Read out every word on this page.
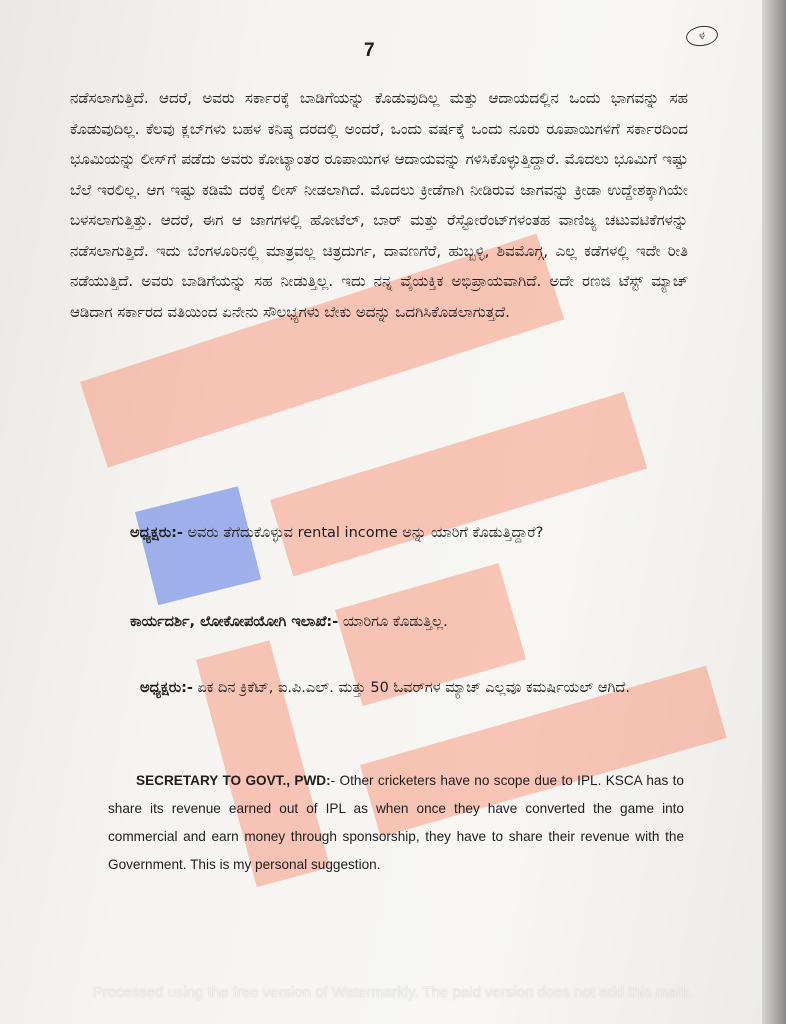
7
ಳ

ನಡೆಸಲಾಗುತ್ತಿದೆ. ಆದರೆ, ಅವರು ಸರ್ಕಾರಕ್ಕೆ ಬಾಡಿಗೆಯನ್ನು ಕೊಡುವುದಿಲ್ಲ ಮತ್ತು ಆದಾಯದಲ್ಲಿನ ಒಂದು ಭಾಗವನ್ನು ಸಹ ಕೊಡುವುದಿಲ್ಲ. ಕೆಲವು ಕ್ಲಬ್‌ಗಳು ಬಹಳ ಕನಿಷ್ಠ ದರದಲ್ಲಿ ಅಂದರೆ, ಒಂದು ವರ್ಷಕ್ಕೆ ಒಂದು ನೂರು ರೂಪಾಯಿಗಳಿಗೆ ಸರ್ಕಾರದಿಂದ ಭೂಮಿಯನ್ನು ಲೀಸ್‌ಗೆ ಪಡೆದು ಅವರು ಕೋಟ್ಯಾಂತರ ರೂಪಾಯಿಗಳ ಆದಾಯವನ್ನು ಗಳಿಸಿಕೊಳ್ಳುತ್ತಿದ್ದಾರೆ. ಮೊದಲು ಭೂಮಿಗೆ ಇಷ್ಟು ಬೆಲೆ ಇರಲಿಲ್ಲ. ಆಗ ಇಷ್ಟು ಕಡಿಮೆ ದರಕ್ಕೆ ಲೀಸ್ ನೀಡಲಾಗಿದೆ. ಮೊದಲು ಕ್ರೀಡೆಗಾಗಿ ನೀಡಿರುವ ಜಾಗವನ್ನು ಕ್ರೀಡಾ ಉದ್ದೇಶಕ್ಕಾಗಿಯೇ ಬಳಸಲಾಗುತ್ತಿತ್ತು. ಆದರೆ, ಈಗ ಆ ಜಾಗಗಳಲ್ಲಿ ಹೋಟೆಲ್, ಬಾರ್ ಮತ್ತು ರೆಸ್ಟೋರೆಂಟ್‌ಗಳಂತಹ ವಾಣಿಜ್ಯ ಚಟುವಟಿಕೆಗಳನ್ನು ನಡೆಸಲಾಗುತ್ತಿದೆ. ಇದು ಬೆಂಗಳೂರಿನಲ್ಲಿ ಮಾತ್ರವಲ್ಲ ಚಿತ್ರದುರ್ಗ, ದಾವಣಗೆರೆ, ಹುಬ್ಬಳ್ಳಿ, ಶಿವಮೊಗ್ಗ, ಎಲ್ಲ ಕಡೆಗಳಲ್ಲಿ ಇದೇ ರೀತಿ ನಡೆಯುತ್ತಿದೆ. ಅವರು ಬಾಡಿಗೆಯನ್ನು ಸಹ ನೀಡುತ್ತಿಲ್ಲ. ಇದು ನನ್ನ ವೈಯಕ್ತಿಕ ಅಭಿಪ್ರಾಯವಾಗಿದೆ. ಅದೇ ರಣಜಿ ಟೆಸ್ಟ್ ಮ್ಯಾಚ್ ಆಡಿದಾಗ ಸರ್ಕಾರದ ವತಿಯಿಂದ ಏನೇನು ಸೌಲಭ್ಯಗಳು ಬೇಕು ಅದನ್ನು ಒದಗಿಸಿಕೊಡಲಾಗುತ್ತದೆ.

ಅಧ್ಯಕ್ಷರು:- ಅವರು ತೆಗೆದುಕೊಳ್ಳುವ rental income ಅನ್ನು ಯಾರಿಗೆ ಕೊಡುತ್ತಿದ್ದಾರೆ?

ಕಾರ್ಯದರ್ಶಿ, ಲೋಕೋಪಯೋಗಿ ಇಲಾಖೆ:- ಯಾರಿಗೂ ಕೊಡುತ್ತಿಲ್ಲ.

ಅಧ್ಯಕ್ಷರು:- ಏಕ ದಿನ ಕ್ರಿಕೆಟ್, ಐ.ಪಿ.ಎಲ್. ಮತ್ತು 50 ಓವರ್‌ಗಳ ಮ್ಯಾಚ್ ಎಲ್ಲವೂ ಕಮರ್ಷಿಯಲ್ ಆಗಿದೆ.

SECRETARY TO GOVT., PWD:- Other cricketers have no scope due to IPL. KSCA has to share its revenue earned out of IPL as when once they have converted the game into commercial and earn money through sponsorship, they have to share their revenue with the Government. This is my personal suggestion.

Processed using the free version of Watermarkly. The paid version does not add this mark.
